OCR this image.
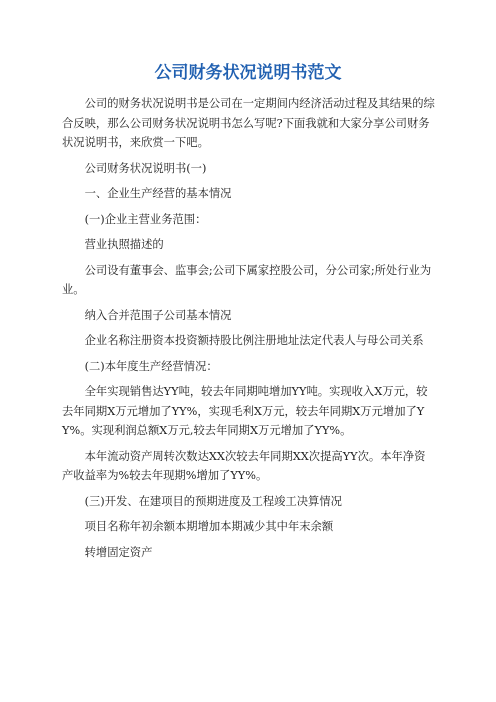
公司财务状况说明书范文

公司的财务状况说明书是公司在一定期间内经济活动过程及其结果的综合反映，那么公司财务状况说明书怎么写呢?下面我就和大家分享公司财务状况说明书，来欣赏一下吧。

公司财务状况说明书(一)

一、企业生产经营的基本情况

(一)企业主营业务范围：

营业执照描述的

公司设有董事会、监事会;公司下属家控股公司，分公司家;所处行业为业。

纳入合并范围子公司基本情况

企业名称注册资本投资额持股比例注册地址法定代表人与母公司关系

(二)本年度生产经营情况：

全年实现销售达YY吨，较去年同期吨增加YY吨。实现收入X万元，较去年同期X万元增加了YY%，实现毛利X万元，较去年同期X万元增加了YY%。实现利润总额X万元,较去年同期X万元增加了YY%。

本年流动资产周转次数达XX次较去年同期XX次提高YY次。本年净资产收益率为%较去年现期%增加了YY%。

(三)开发、在建项目的预期进度及工程竣工决算情况

项目名称年初余额本期增加本期减少其中年末余额

转增固定资产
